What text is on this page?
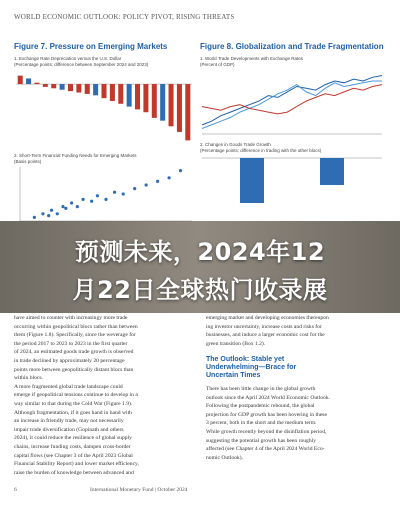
WORLD ECONOMIC OUTLOOK: POLICY PIVOT, RISING THREATS
Figure 7. Pressure on Emerging Markets
1. Exchange Rate Depreciation versus the U.S. Dollar
(Percentage points; difference between September 2024 and 2023)
2. Short-Term Financial Funding Needs for Emerging Markets
(Basis points)
Figure 8. Globalization and Trade Fragmentation
1. World Trade Developments with Exchange Rates
(Percent of GDP)
2. Changes in Goods Trade Growth
(Percentage points; difference in trading with the other blocs)
预测未来，2024年12
月22日全球热门收录展
have aimed to counter with increasingy more trade
occurring within geopolitical blocs rather than between
them (Figure 1.8). Specifically, since the weverage for
the period 2017 to 2023 to 2023 in the first quarter
of 2024, an estimated goods trade growth is observed
in trade declined by approximately 20 percentage
points more between geopolitically distant blocs than
within blocs.
A more fragmented global trade landscape could
emerge if geopolitical tensions continue to develop in a
way similar to that during the Cold War (Figure 1.9).
Although fragmentation, if it goes hand in hand with
an increase in friendly trade, may not necessarily
impair trade diversification (Gopinath and others
2024), it could reduce the resilience of global supply
chains, increase funding costs, dampen cross-border
capital flows (see Chapter 3 of the April 2023 Global
Financial Stability Report) and lower market efficiency,
raise the burden of knowledge between advanced and
emerging market and developing economies thereupon
ing investor uncertainty, increase costs and risks for
businesses, and induce a larger economic cost for the
green transition (Box 1.2).
The Outlook: Stable yet
Underwhelming—Brace for
Uncertain Times
There has been little change in the global growth
outlook since the April 2024 World Economic Outlook.
Following the postpandemic rebound, the global
projection for GDP growth has been hovering in these
3 percent, both in the short and the medium term.
While growth recently beyond the disinflation period,
suggesting the potential growth has been roughly
affected (see Chapter 4 of the April 2024 World Eco-
nomic Outlook).
6	International Monetary Fund | October 2024
